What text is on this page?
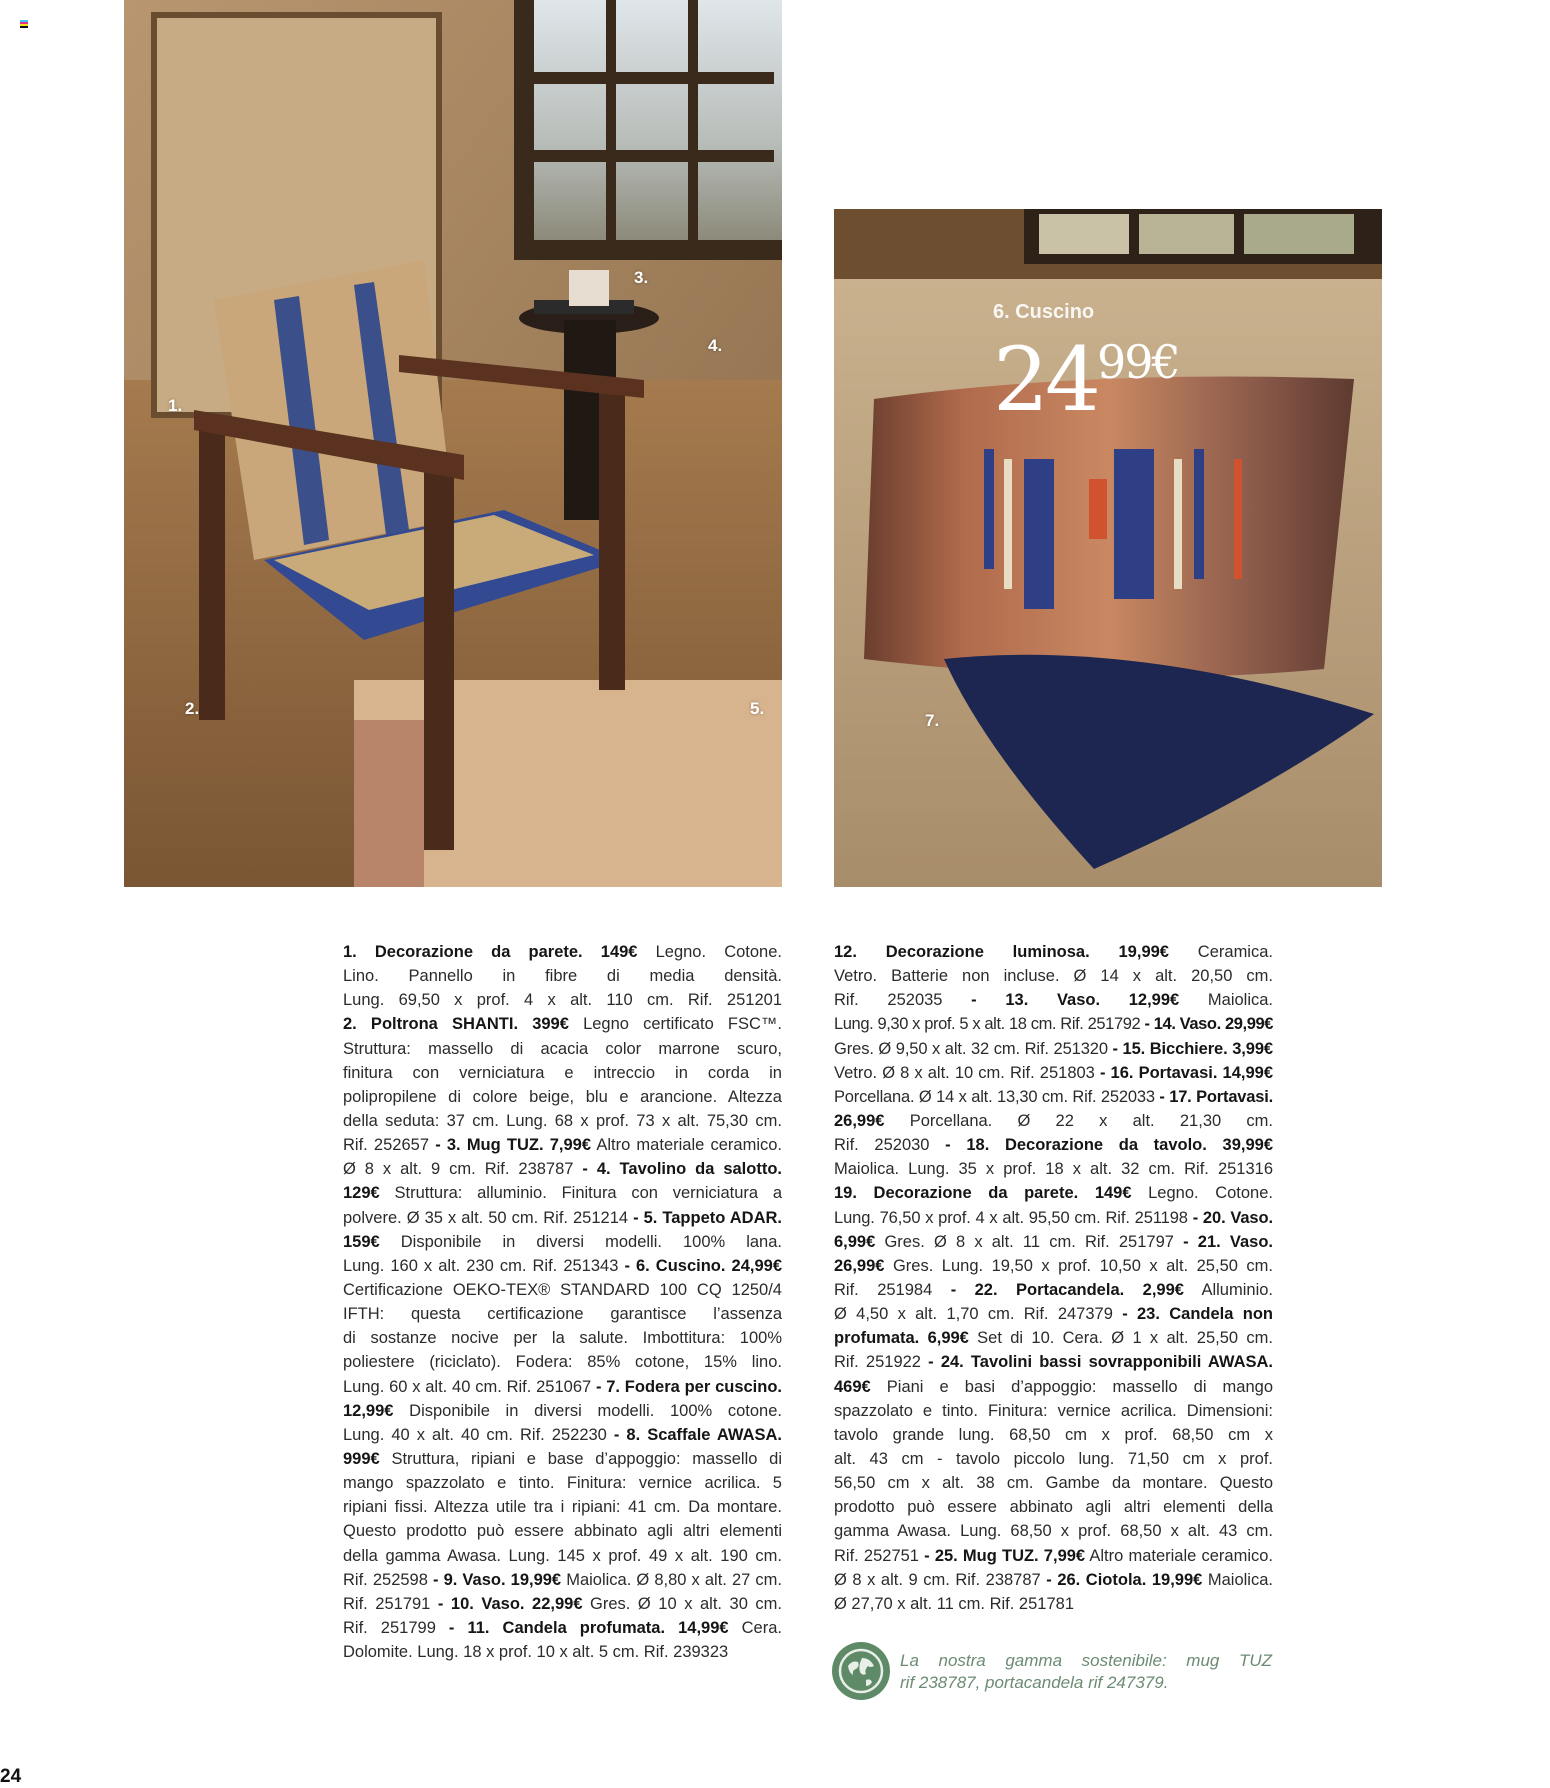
1.
2.
3.
4.
5.
7.
6. Cuscino
24 99€
1. Decorazione da parete. 149€ Legno. Cotone.
Lino. Pannello in fibre di media densità.
Lung. 69,50 x prof. 4 x alt. 110 cm. Rif. 251201
2. Poltrona SHANTI. 399€ Legno certificato FSC™.
Struttura: massello di acacia color marrone scuro,
finitura con verniciatura e intreccio in corda in
polipropilene di colore beige, blu e arancione. Altezza
della seduta: 37 cm. Lung. 68 x prof. 73 x alt. 75,30 cm.
Rif. 252657 - 3. Mug TUZ. 7,99€ Altro materiale ceramico.
Ø 8 x alt. 9 cm. Rif. 238787 - 4. Tavolino da salotto.
129€ Struttura: alluminio. Finitura con verniciatura a
polvere. Ø 35 x alt. 50 cm. Rif. 251214 - 5. Tappeto ADAR.
159€ Disponibile in diversi modelli. 100% lana.
Lung. 160 x alt. 230 cm. Rif. 251343 - 6. Cuscino. 24,99€
Certificazione OEKO-TEX® STANDARD 100 CQ 1250/4
IFTH: questa certificazione garantisce l’assenza
di sostanze nocive per la salute. Imbottitura: 100%
poliestere (riciclato). Fodera: 85% cotone, 15% lino.
Lung. 60 x alt. 40 cm. Rif. 251067 - 7. Fodera per cuscino.
12,99€ Disponibile in diversi modelli. 100% cotone.
Lung. 40 x alt. 40 cm. Rif. 252230 - 8. Scaffale AWASA.
999€ Struttura, ripiani e base d’appoggio: massello di
mango spazzolato e tinto. Finitura: vernice acrilica. 5
ripiani fissi. Altezza utile tra i ripiani: 41 cm. Da montare.
Questo prodotto può essere abbinato agli altri elementi
della gamma Awasa. Lung. 145 x prof. 49 x alt. 190 cm.
Rif. 252598 - 9. Vaso. 19,99€ Maiolica. Ø 8,80 x alt. 27 cm.
Rif. 251791 - 10. Vaso. 22,99€ Gres. Ø 10 x alt. 30 cm.
Rif. 251799 - 11. Candela profumata. 14,99€ Cera.
Dolomite. Lung. 18 x prof. 10 x alt. 5 cm. Rif. 239323
12. Decorazione luminosa. 19,99€ Ceramica.
Vetro. Batterie non incluse. Ø 14 x alt. 20,50 cm.
Rif. 252035 - 13. Vaso. 12,99€ Maiolica.
Lung. 9,30 x prof. 5 x alt. 18 cm. Rif. 251792 - 14. Vaso. 29,99€
Gres. Ø 9,50 x alt. 32 cm. Rif. 251320 - 15. Bicchiere. 3,99€
Vetro. Ø 8 x alt. 10 cm. Rif. 251803 - 16. Portavasi. 14,99€
Porcellana. Ø 14 x alt. 13,30 cm. Rif. 252033 - 17. Portavasi.
26,99€ Porcellana. Ø 22 x alt. 21,30 cm.
Rif. 252030 - 18. Decorazione da tavolo. 39,99€
Maiolica. Lung. 35 x prof. 18 x alt. 32 cm. Rif. 251316
19. Decorazione da parete. 149€ Legno. Cotone.
Lung. 76,50 x prof. 4 x alt. 95,50 cm. Rif. 251198 - 20. Vaso.
6,99€ Gres. Ø 8 x alt. 11 cm. Rif. 251797 - 21. Vaso.
26,99€ Gres. Lung. 19,50 x prof. 10,50 x alt. 25,50 cm.
Rif. 251984 - 22. Portacandela. 2,99€ Alluminio.
Ø 4,50 x alt. 1,70 cm. Rif. 247379 - 23. Candela non
profumata. 6,99€ Set di 10. Cera. Ø 1 x alt. 25,50 cm.
Rif. 251922 - 24. Tavolini bassi sovrapponibili AWASA.
469€ Piani e basi d’appoggio: massello di mango
spazzolato e tinto. Finitura: vernice acrilica. Dimensioni:
tavolo grande lung. 68,50 cm x prof. 68,50 cm x
alt. 43 cm - tavolo piccolo lung. 71,50 cm x prof.
56,50 cm x alt. 38 cm. Gambe da montare. Questo
prodotto può essere abbinato agli altri elementi della
gamma Awasa. Lung. 68,50 x prof. 68,50 x alt. 43 cm.
Rif. 252751 - 25. Mug TUZ. 7,99€ Altro materiale ceramico.
Ø 8 x alt. 9 cm. Rif. 238787 - 26. Ciotola. 19,99€ Maiolica.
Ø 27,70 x alt. 11 cm. Rif. 251781
La nostra gamma sostenibile: mug TUZ
rif 238787, portacandela rif 247379.
24
